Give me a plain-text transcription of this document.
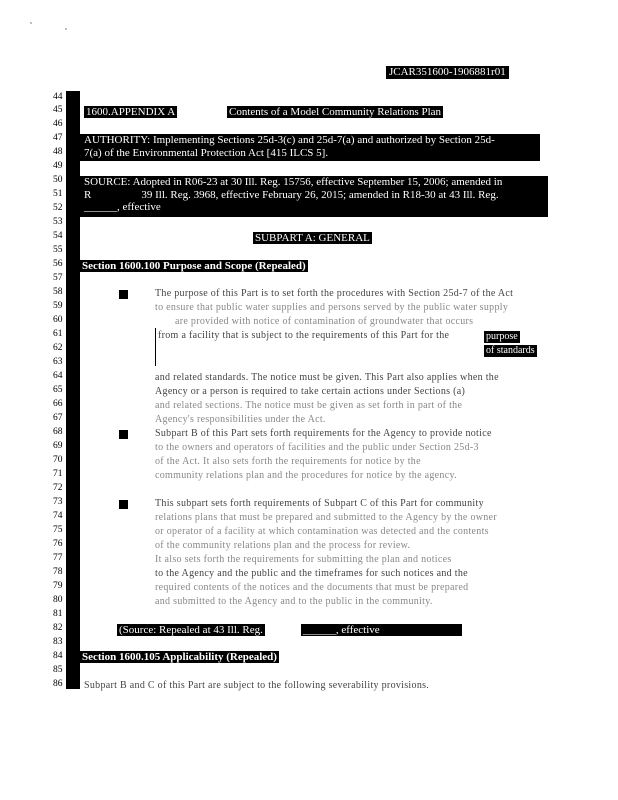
JCAR351600-1906881r01
44
45
46
47
48
49
50
51
52
53
54
55
56
57
58
59
60
61
62
63
64
65
66
67
68
69
70
71
72
73
74
75
76
77
78
79
80
81
82
83
84
85
86
1600.APPENDIX A	Contents of a Model Community Relations Plan
AUTHORITY: Implementing Sections 25d-3(c) and 25d-7(a) and authorized by Section 25d-
7(a) of the Environmental Protection Act [415 ILCS 5].
SOURCE: Adopted in R06-23 at 30 Ill. Reg. 15756, effective September 15, 2006; amended in
R	39 Ill. Reg. 3968, effective February 26, 2015; amended in R18-30 at 43 Ill. Reg.
______, effective
SUBPART A: GENERAL
Section 1600.100 Purpose and Scope (Repealed)
The purpose of this Part is to set forth the procedures with Section 25d-7 of the Act
to ensure that public water supplies and persons served by the public water supply
are provided with notice of contamination of groundwater that occurs
from a facility that is subject to the requirements of this Part for the	purpose
of standards
and related standards. The notice must be given. This Part also applies when the
Agency or a person is required to take certain actions under Sections (a)
and related sections. The notice must be given as set forth in part of the
Agency's responsibilities under the Act.
Subpart B of this Part sets forth requirements for the Agency to provide notice
to the owners and operators of facilities and the public under Section 25d-3
of the Act. It also sets forth the requirements for notice by the
community relations plan and the procedures for notice by the agency.
This subpart sets forth requirements of Subpart C of this Part for community
relations plans that must be prepared and submitted to the Agency by the owner
or operator of a facility at which contamination was detected and the contents
of the community relations plan and the process for review.
It also sets forth the requirements for submitting the plan and notices
to the Agency and the public and the timeframes for such notices and the
required contents of the notices and the documents that must be prepared
and submitted to the Agency and to the public in the community.
(Source: Repealed at 43 Ill. Reg.	______, effective
Section 1600.105 Applicability (Repealed)
Subpart B and C of this Part are subject to the following severability provisions.
